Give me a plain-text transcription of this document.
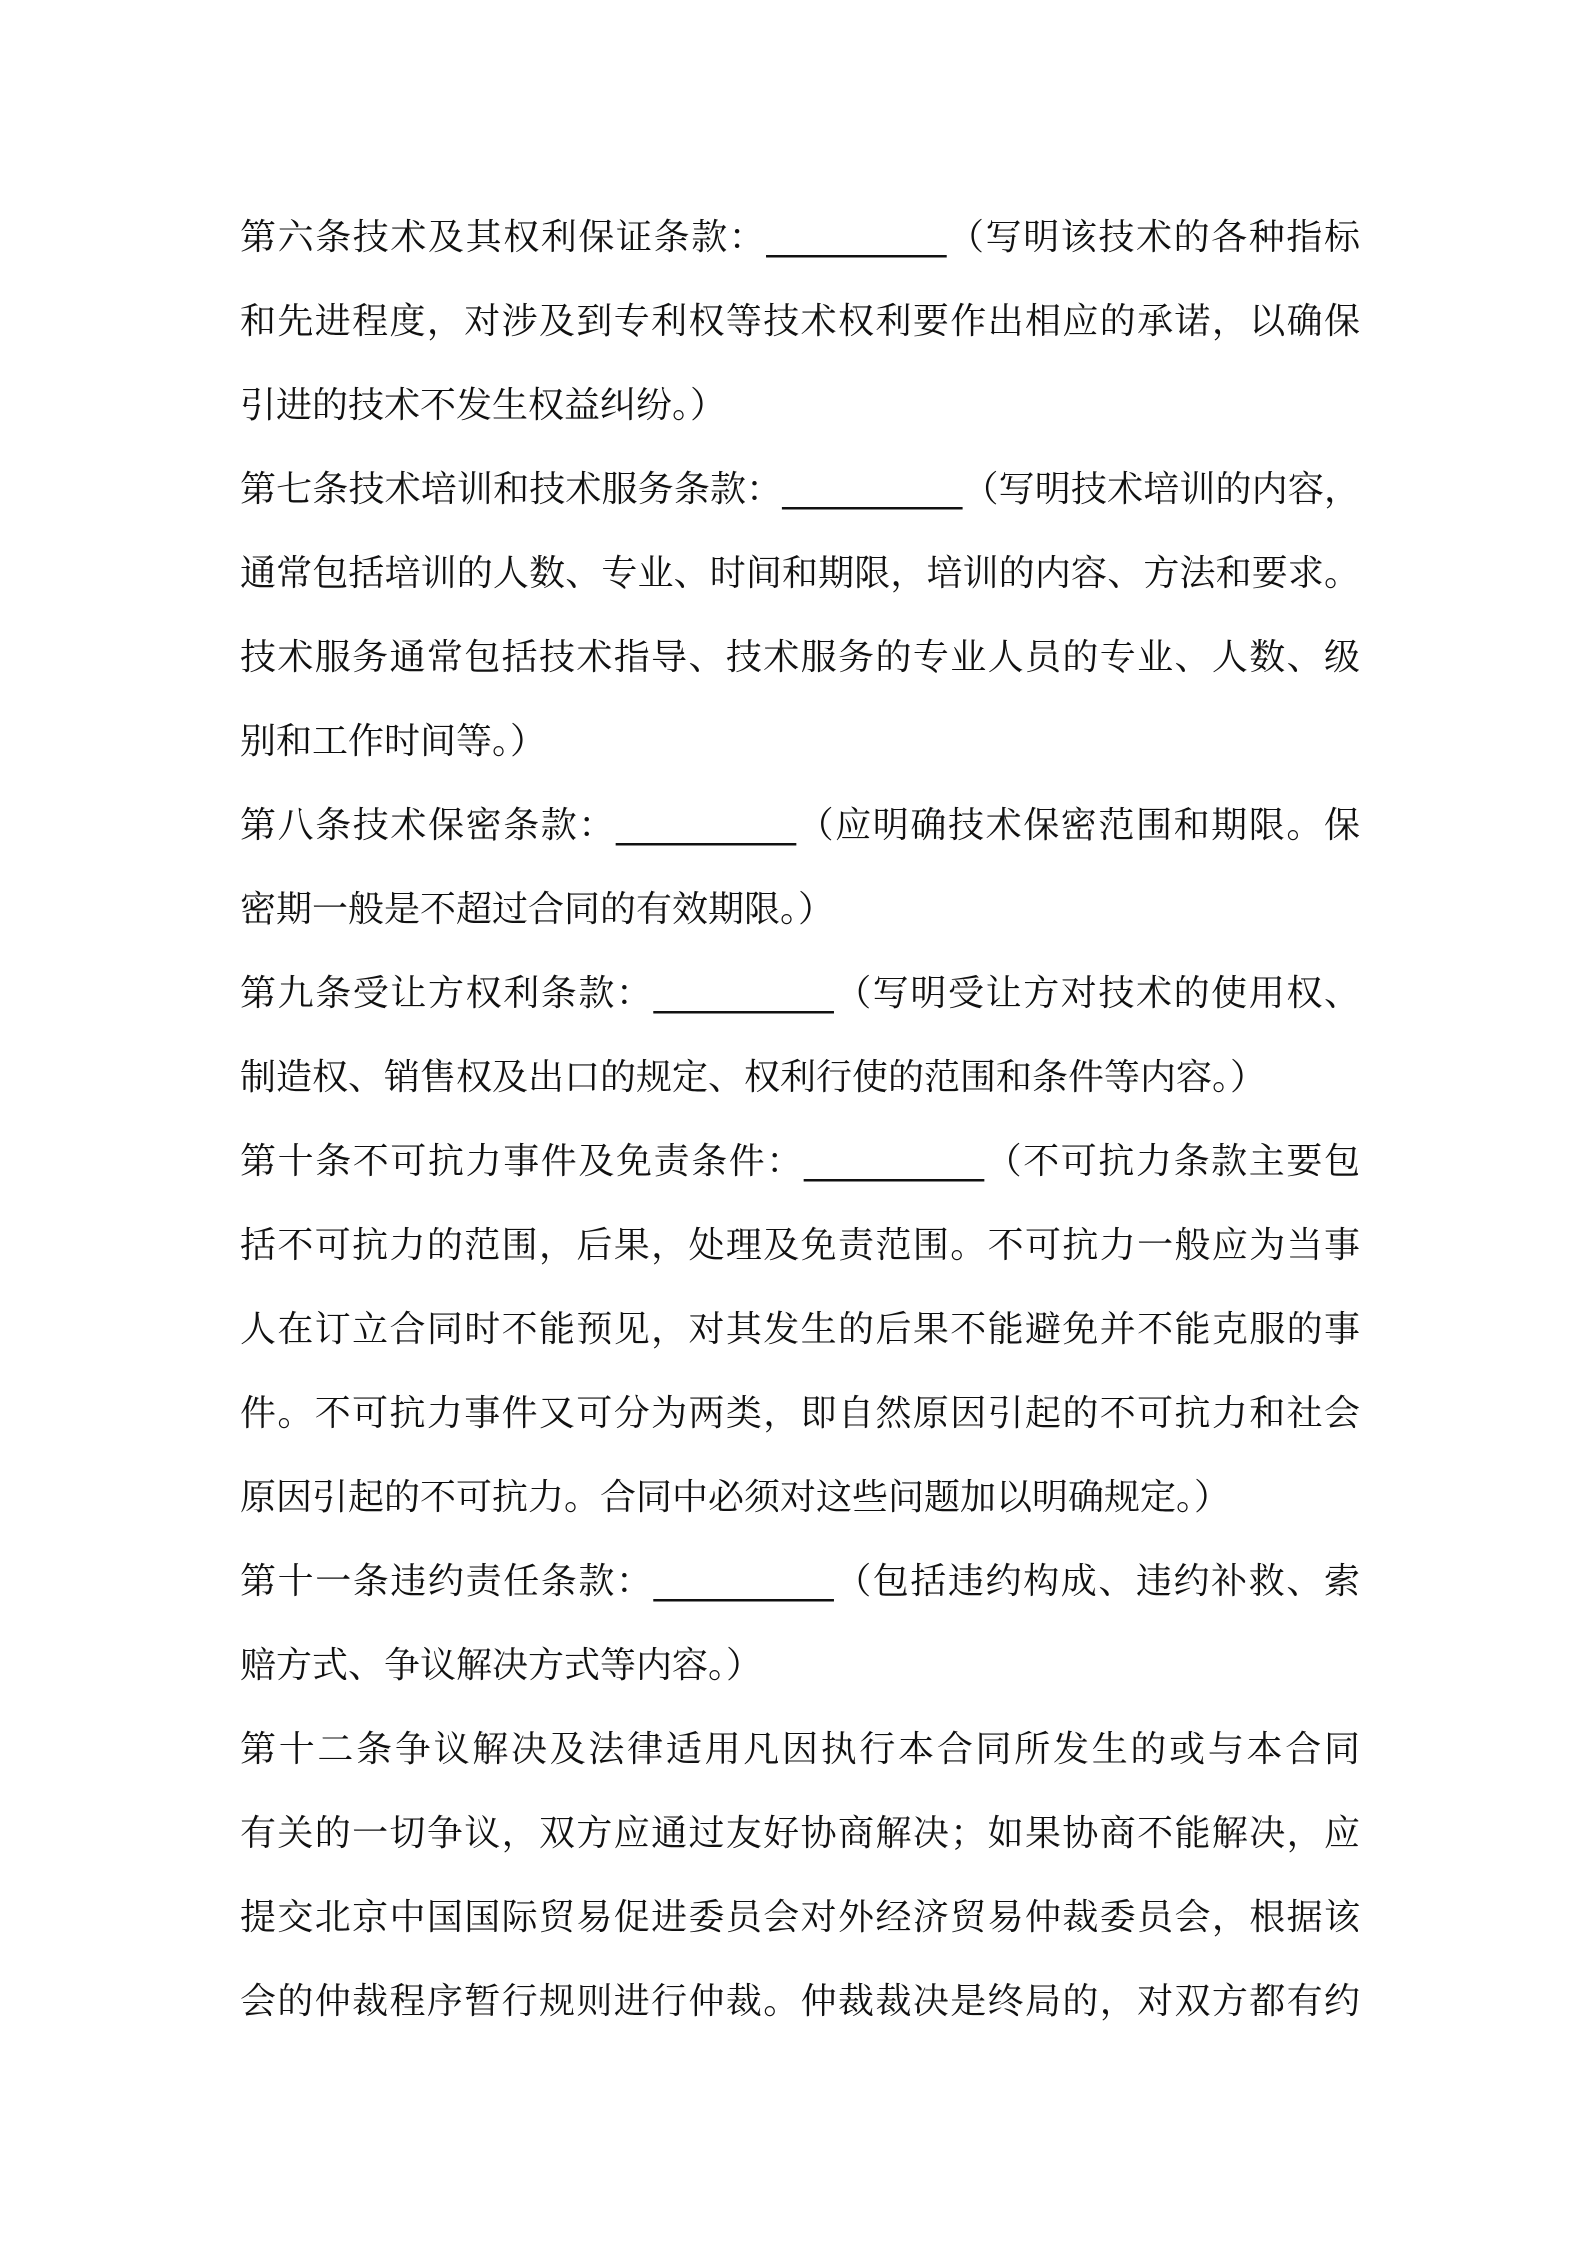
第六条技术及其权利保证条款：__________（写明该技术的各种指标
和先进程度，对涉及到专利权等技术权利要作出相应的承诺，以确保
引进的技术不发生权益纠纷。）
第七条技术培训和技术服务条款：__________（写明技术培训的内容，
通常包括培训的人数、专业、时间和期限，培训的内容、方法和要求。
技术服务通常包括技术指导、技术服务的专业人员的专业、人数、级
别和工作时间等。）
第八条技术保密条款：__________（应明确技术保密范围和期限。保
密期一般是不超过合同的有效期限。）
第九条受让方权利条款：__________（写明受让方对技术的使用权、
制造权、销售权及出口的规定、权利行使的范围和条件等内容。）
第十条不可抗力事件及免责条件：__________（不可抗力条款主要包
括不可抗力的范围，后果，处理及免责范围。不可抗力一般应为当事
人在订立合同时不能预见，对其发生的后果不能避免并不能克服的事
件。不可抗力事件又可分为两类，即自然原因引起的不可抗力和社会
原因引起的不可抗力。合同中必须对这些问题加以明确规定。）
第十一条违约责任条款：__________（包括违约构成、违约补救、索
赔方式、争议解决方式等内容。）
第十二条争议解决及法律适用凡因执行本合同所发生的或与本合同
有关的一切争议，双方应通过友好协商解决；如果协商不能解决，应
提交北京中国国际贸易促进委员会对外经济贸易仲裁委员会，根据该
会的仲裁程序暂行规则进行仲裁。仲裁裁决是终局的，对双方都有约
